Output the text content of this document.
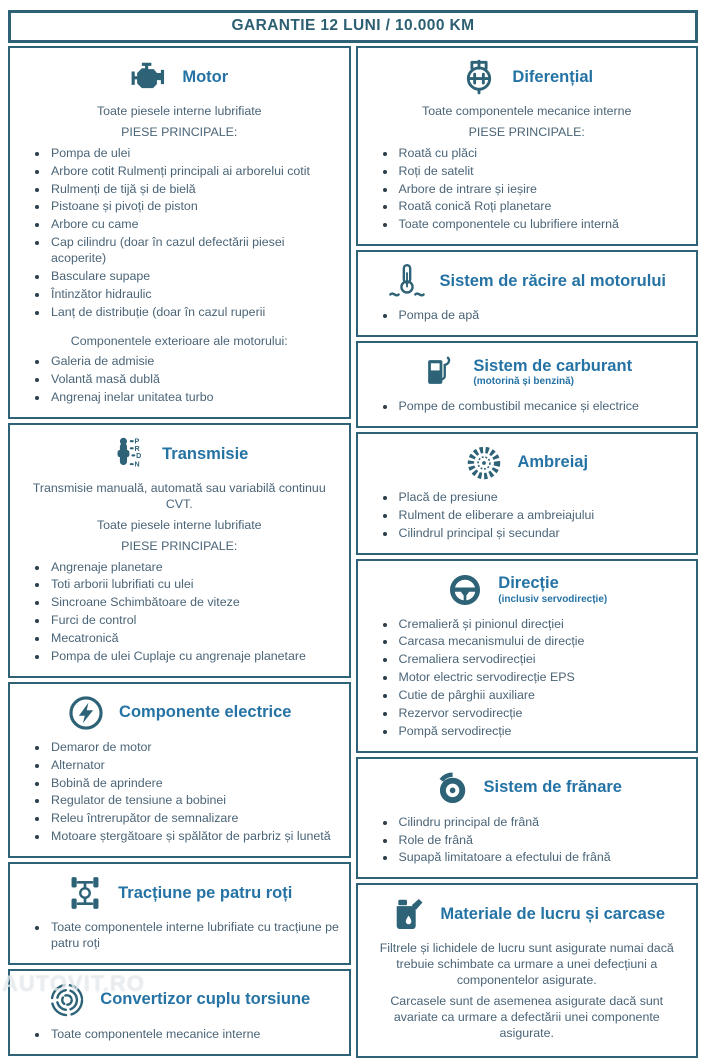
GARANTIE 12 LUNI / 10.000 KM
Motor

Toate piesele interne lubrifiate

PIESE PRINCIPALE:

• Pompa de ulei
• Arbore cotit Rulmenți principali ai arborelui cotit
• Rulmenți de tijă și de bielă
• Pistoane și pivoți de piston
• Arbore cu came
• Cap cilindru (doar în cazul defectării piesei acoperite)
• Basculare supape
• Întinzător hidraulic
• Lanț de distribuție (doar în cazul ruperii

Componentele exterioare ale motorului:

• Galeria de admisie
• Volantă masă dublă
• Angrenaj inelar unitatea turbo
P
R
D
N
Transmisie

Transmisie manuală, automată sau variabilă continuu CVT.

Toate piesele interne lubrifiate

PIESE PRINCIPALE:

• Angrenaje planetare
• Toti arborii lubrifiati cu ulei
• Sincroane Schimbătoare de viteze
• Furci de control
• Mecatronică
• Pompa de ulei Cuplaje cu angrenaje planetare
Componente electrice
• Demaror de motor
• Alternator
• Bobină de aprindere
• Regulator de tensiune a bobinei
• Releu întrerupător de semnalizare
• Motoare ștergătoare și spălător de parbriz și lunetă
Tracțiune pe patru roți
• Toate componentele interne lubrifiate cu tracțiune pe patru roți
Convertizor cuplu torsiune
• Toate componentele mecanice interne
Diferențial

Toate componentele mecanice interne

PIESE PRINCIPALE:

• Roată cu plăci
• Roți de satelit
• Arbore de intrare și ieșire
• Roată conică Roți planetare
• Toate componentele cu lubrifiere internă
Sistem de răcire al motorului
• Pompa de apă
Sistem de carburant
(motorină și benzină)
• Pompe de combustibil mecanice și electrice
Ambreiaj
• Placă de presiune
• Rulment de eliberare a ambreiajului
• Cilindrul principal și secundar
Direcție
(inclusiv servodirecție)
• Cremalieră și pinionul direcției
• Carcasa mecanismului de direcție
• Cremaliera servodirecției
• Motor electric servodirecție EPS
• Cutie de pârghii auxiliare
• Rezervor servodirecție
• Pompă servodirecție
Sistem de frănare
• Cilindru principal de frână
• Role de frână
• Supapă limitatoare a efectului de frână
Materiale de lucru și carcase

Filtrele și lichidele de lucru sunt asigurate numai dacă trebuie schimbate ca urmare a unei defecțiuni a componentelor asigurate.

Carcasele sunt de asemenea asigurate dacă sunt avariate ca urmare a defectării unei componente asigurate.

AUTOVIT.RO
